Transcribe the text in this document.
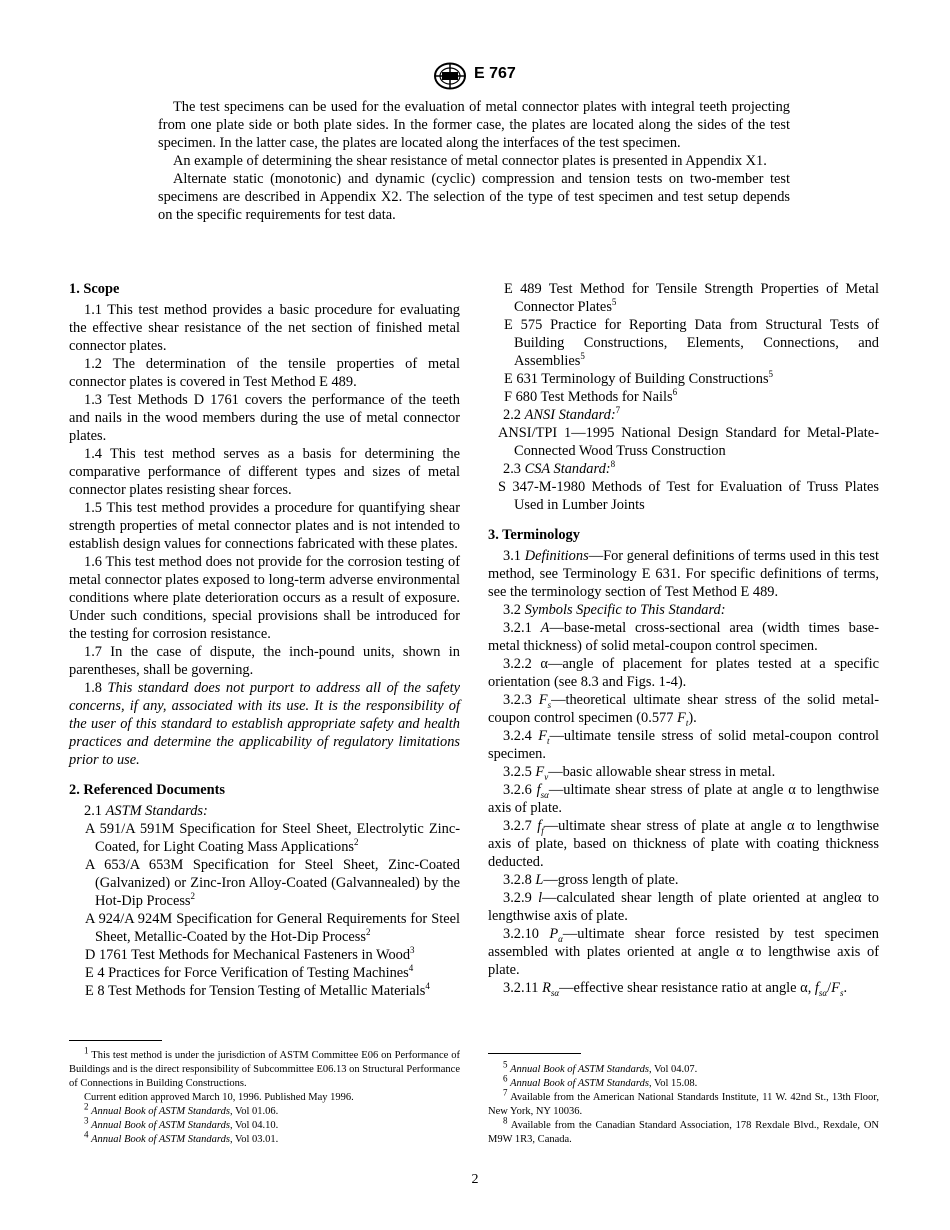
E 767

The test specimens can be used for the evaluation of metal connector plates with integral teeth projecting from one plate side or both plate sides. In the former case, the plates are located along the sides of the test specimen. In the latter case, the plates are located along the interfaces of the test specimen.

An example of determining the shear resistance of metal connector plates is presented in Appendix X1.

Alternate static (monotonic) and dynamic (cyclic) compression and tension tests on two-member test specimens are described in Appendix X2. The selection of the type of test specimen and test setup depends on the specific requirements for test data.

1. Scope

1.1 This test method provides a basic procedure for evaluating the effective shear resistance of the net section of finished metal connector plates.

1.2 The determination of the tensile properties of metal connector plates is covered in Test Method E 489.

1.3 Test Methods D 1761 covers the performance of the teeth and nails in the wood members during the use of metal connector plates.

1.4 This test method serves as a basis for determining the comparative performance of different types and sizes of metal connector plates resisting shear forces.

1.5 This test method provides a procedure for quantifying shear strength properties of metal connector plates and is not intended to establish design values for connections fabricated with these plates.

1.6 This test method does not provide for the corrosion testing of metal connector plates exposed to long-term adverse environmental conditions where plate deterioration occurs as a result of exposure. Under such conditions, special provisions shall be introduced for the testing for corrosion resistance.

1.7 In the case of dispute, the inch-pound units, shown in parentheses, shall be governing.

1.8 This standard does not purport to address all of the safety concerns, if any, associated with its use. It is the responsibility of the user of this standard to establish appropriate safety and health practices and determine the applicability of regulatory limitations prior to use.

2. Referenced Documents

2.1 ASTM Standards:

A 591/A 591M Specification for Steel Sheet, Electrolytic Zinc-Coated, for Light Coating Mass Applications$^2$

A 653/A 653M Specification for Steel Sheet, Zinc-Coated (Galvanized) or Zinc-Iron Alloy-Coated (Galvannealed) by the Hot-Dip Process$^2$

A 924/A 924M Specification for General Requirements for Steel Sheet, Metallic-Coated by the Hot-Dip Process$^2$

D 1761 Test Methods for Mechanical Fasteners in Wood$^3$

E 4 Practices for Force Verification of Testing Machines$^4$

E 8 Test Methods for Tension Testing of Metallic Materials$^4$

E 489 Test Method for Tensile Strength Properties of Metal Connector Plates$^5$

E 575 Practice for Reporting Data from Structural Tests of Building Constructions, Elements, Connections, and Assemblies$^5$

E 631 Terminology of Building Constructions$^5$

F 680 Test Methods for Nails$^6$

2.2 ANSI Standard:$^7$

ANSI/TPI 1—1995 National Design Standard for Metal-Plate-Connected Wood Truss Construction

2.3 CSA Standard:$^8$

S 347-M-1980 Methods of Test for Evaluation of Truss Plates Used in Lumber Joints

3. Terminology

3.1 Definitions—For general definitions of terms used in this test method, see Terminology E 631. For specific definitions of terms, see the terminology section of Test Method E 489.

3.2 Symbols Specific to This Standard:

3.2.1 A—base-metal cross-sectional area (width times base-metal thickness) of solid metal-coupon control specimen.

3.2.2 α—angle of placement for plates tested at a specific orientation (see 8.3 and Figs. 1-4).

3.2.3 $F_s—theoretical$ ultimate shear stress of the solid metal-coupon control specimen (0.577 $F_t$).

3.2.4 $F_t—ultimate$ tensile stress of solid metal-coupon control specimen.

3.2.5 $F_v—basic$ allowable shear stress in metal.

3.2.6 $f_{s\alpha}—ultimate$ shear stress of plate at angle α to lengthwise axis of plate.

3.2.7 $f_f—ultimate$ shear stress of plate at angle α to lengthwise axis of plate, based on thickness of plate with coating thickness deducted.

3.2.8 L—gross length of plate.

3.2.9 l—calculated shear length of plate oriented at angleα to lengthwise axis of plate.

3.2.10 $P_\alpha—ultimate$ shear force resisted by test specimen assembled with plates oriented at angle α to lengthwise axis of plate.

3.2.11 $R_{s\alpha}—effective$ shear resistance ratio at angle α, $f_{s\alpha}/F_s$.

$^1$ This test method is under the jurisdiction of ASTM Committee E06 on Performance of Buildings and is the direct responsibility of Subcommittee E06.13 on Structural Performance of Connections in Building Constructions.

Current edition approved March 10, 1996. Published May 1996.

$^2$ Annual Book of ASTM Standards, Vol 01.06.

$^3$ Annual Book of ASTM Standards, Vol 04.10.

$^4$ Annual Book of ASTM Standards, Vol 03.01.

$^5$ Annual Book of ASTM Standards, Vol 04.07.

$^6$ Annual Book of ASTM Standards, Vol 15.08.

$^7$ Available from the American National Standards Institute, 11 W. 42nd St., 13th Floor, New York, NY 10036.

$^8$ Available from the Canadian Standard Association, 178 Rexdale Blvd., Rexdale, ON M9W 1R3, Canada.

2
